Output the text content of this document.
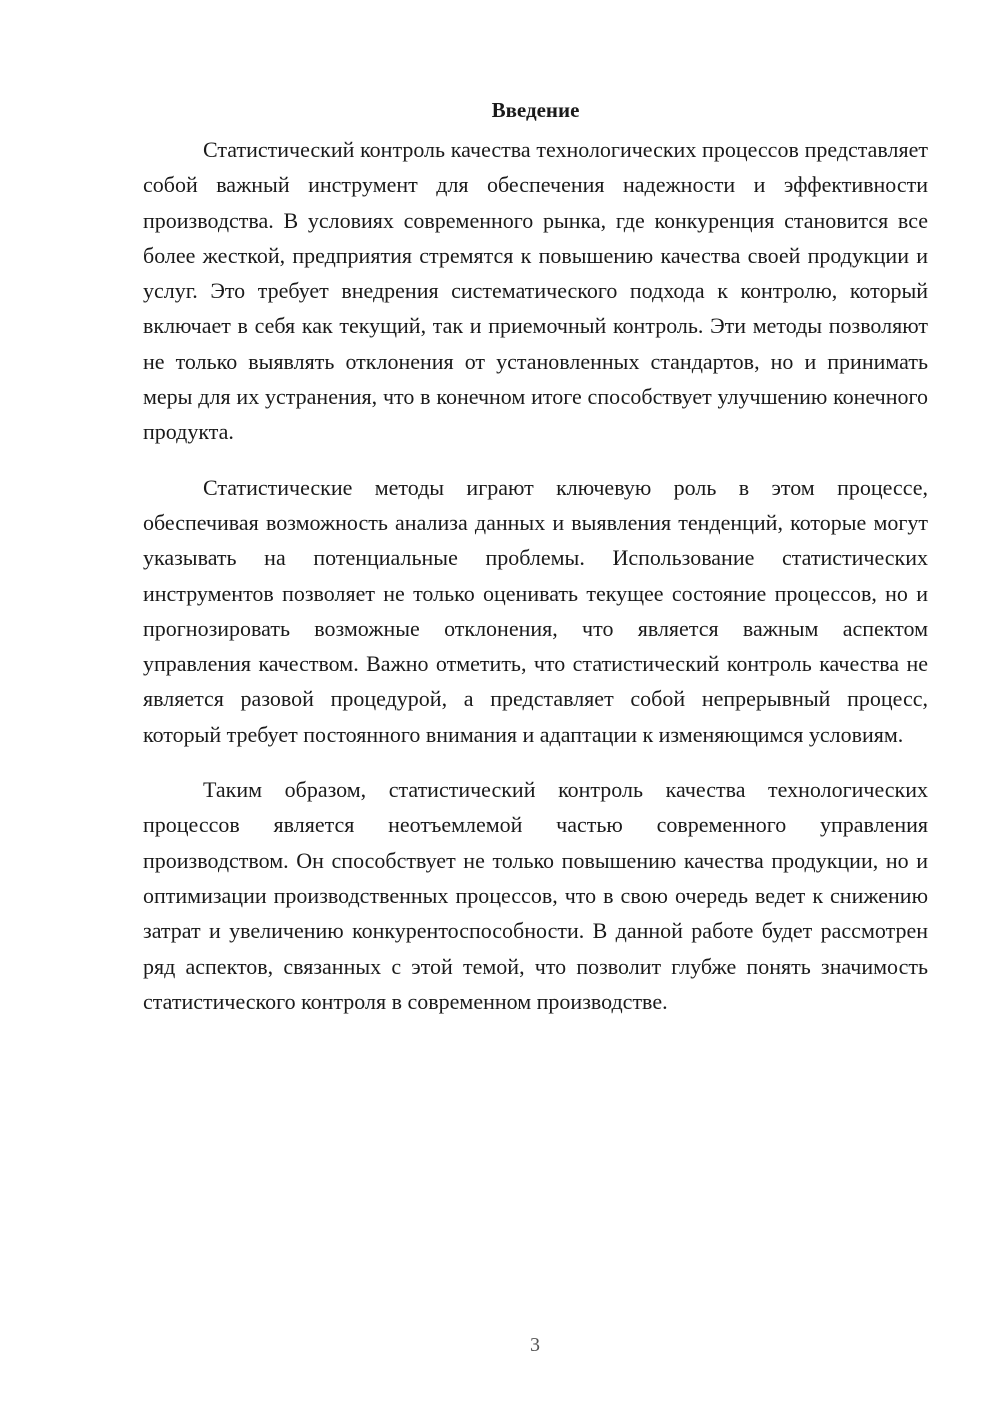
Введение

Статистический контроль качества технологических процессов представляет собой важный инструмент для обеспечения надежности и эффективности производства. В условиях современного рынка, где конкуренция становится все более жесткой, предприятия стремятся к повышению качества своей продукции и услуг. Это требует внедрения систематического подхода к контролю, который включает в себя как текущий, так и приемочный контроль. Эти методы позволяют не только выявлять отклонения от установленных стандартов, но и принимать меры для их устранения, что в конечном итоге способствует улучшению конечного продукта.

Статистические методы играют ключевую роль в этом процессе, обеспечивая возможность анализа данных и выявления тенденций, которые могут указывать на потенциальные проблемы. Использование статистических инструментов позволяет не только оценивать текущее состояние процессов, но и прогнозировать возможные отклонения, что является важным аспектом управления качеством. Важно отметить, что статистический контроль качества не является разовой процедурой, а представляет собой непрерывный процесс, который требует постоянного внимания и адаптации к изменяющимся условиям.

Таким образом, статистический контроль качества технологических процессов является неотъемлемой частью современного управления производством. Он способствует не только повышению качества продукции, но и оптимизации производственных процессов, что в свою очередь ведет к снижению затрат и увеличению конкурентоспособности. В данной работе будет рассмотрен ряд аспектов, связанных с этой темой, что позволит глубже понять значимость статистического контроля в современном производстве.

3
